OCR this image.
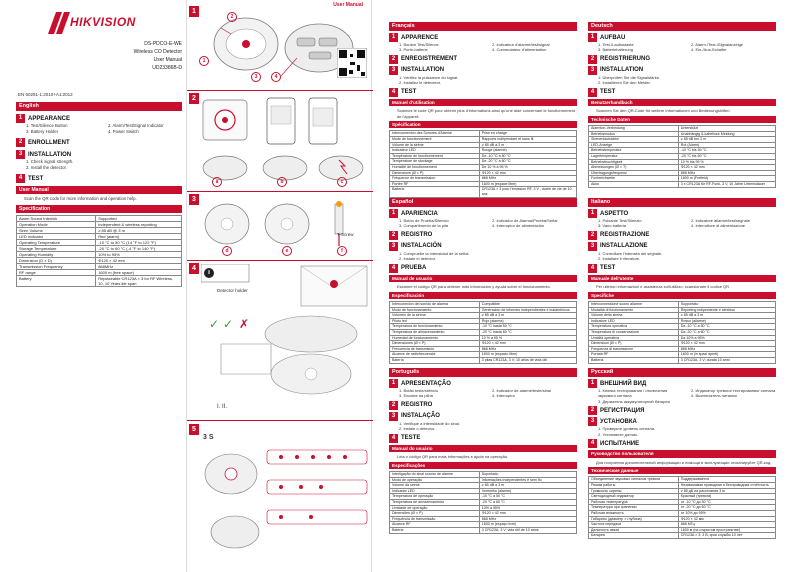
HIKVISION
DS-PDCO-E-WE
Wireless CO Detector
User Manual
UD23386B-D
EN 50291-1:2010+A1:2012
English
1 APPEARANCE
1. Test/Silence Button
3. Battery Holder
2. Alarm/Test/Signal Indicator
4. Power Switch
2 ENROLLMENT
3 INSTALLATION
1. Check signal strength.
2. Install the detector.
4 TEST
User Manual
Scan the QR code for more information and operation help.
Specification
Alarm Sound Interlink	Supported
Operation Mode	Independent & wireless reporting
Siren Volume	≥ 85 dB @ 3 m
LED Indicator	Red (alarm)
Operating Temperature	-10 °C to 50 °C (14 °F to 122 °F)
Storage Temperature	-20 °C to 60 °C (-4 °F to 140 °F)
Operating Humidity	10% to 95%
Dimension (D × D)	Φ120 × 42 mm
Transmission Frequency	868MHz
RF range	1600 m (free space)
Battery	Replaceable CR123A × 3 for RF Wireless, 10, 10 Years life span
User Manual
1
1
2
3	4
2
a	b	c
3
T-Screw
d	e	f
4
✓ ✓ ✗
Detector holder
I. II.
5
3 S
Français
1 APPARENCE
1. Bouton Test/Silence
3. Porte-batterie
2. Indicateur d'alarme/test/signal
4. Commutateur d'alimentation
2 ENREGISTREMENT
3 INSTALLATION
1. Vérifiez la puissance du signal.
2. Installez le détecteur.
4 TEST
Manuel d'utilisation
Scannez le code QR pour obtenir plus d'informations ainsi qu'une aide concernant le fonctionnement de l'appareil.
Spécification
Interconnexion des Sonores d'Alarme	Prise en charge
Mode de fonctionnement	Rapports indépendant et sans fil
Volume de la sirène	≥ 85 dB à 3 m
Indicateur LED	Rouge (alarme)
Température de fonctionnement	De -10 °C à 50 °C
Température de stockage	De -20 °C à 60 °C
Humidité de fonctionnement	De 10 % à 95 %
Dimensions (Ø × P)	Φ120 × 42 mm
Fréquence de transmission	868 MHz
Portée RF	1600 m (espace libre)
Batterie	CR123A × 3 pour l'émission RF, 3 V ; durée de vie de 10 ans
Deutsch
1 AUFBAU
1. Test-/Lautlostaste
3. Batteriehalterung
2. Alarm-/Test-/Signalanzeige
4. Ein-/Aus-Schalter
2 REGISTRIERUNG
3 INSTALLATION
1. Überprüfen Sie die Signalstärke.
2. Installieren Sie den Melder.
4 TEST
Benutzerhandbuch
Scannen Sie den QR-Code für weitere Informationen und Bedienungshilfen.
Technische Daten
Alarmton-Verbindung	Unterstützt
Betriebsmodus	Unabhängig & kabellose Meldung
Sirenenlautstärke	≥ 85 dB bei 3 m
LED-Anzeige	Rot (Alarm)
Betriebstemperatur	-10 °C bis 50 °C
Lagertemperatur	-20 °C bis 60 °C
Betriebsfeuchtigkeit	10 % bis 95 %
Abmessungen (Ø × T)	Φ120 × 42 mm
Übertragungsfrequenz	868 MHz
Funkreichweite	1600 m (Freifeld)
Akku	3 x CR123A für RF-Funk, 3 V, 10 Jahre Lebensdauer
Español
1 APARIENCIA
1. Botón de Prueba/Silencio
3. Compartimento de la pila
2. Indicador de Alarma/Prueba/Señal
4. Interruptor de alimentación
2 REGISTRO
3 INSTALACIÓN
1. Compruebe la intensidad de la señal.
2. Instale el detector.
4 PRUEBA
Manual de usuario
Escanee el código QR para obtener más información y ayuda sobre el funcionamiento.
Especificación
Interconexión del sonido de alarma	Compatible
Modo de funcionamiento	Generación de informes independientes e inalámbricos
Volumen de la sirena	≥ 85 dB a 3 m
Piloto led	Rojo (alarma)
Temperatura de funcionamiento	-10 °C hasta 50 °C
Temperatura de almacenamiento	-20 °C hasta 60 °C
Humedad de funcionamiento	10 % a 95 %
Dimensiones (Ø × P)	Φ120 × 42 mm
Frecuencia de transmisión	868 MHz
Alcance de radiofrecuencia	1600 m (espacio libre)
Batería	3 pilas CR123A, 3 V; 10 años de vida útil
Italiano
1 ASPETTO
1. Pulsante Test/Silenzio
3. Vano batteria
2. Indicatore allarme/test/segnale
4. Interruttore di alimentazione
2 REGISTRAZIONE
3 INSTALLAZIONE
1. Controllare l'intensità del segnale.
2. Installare il rilevatore.
4 TEST
Manuale dell'utente
Per ulteriori informazioni e assistenza sull'utilizzo, scansionare il codice QR.
Specifiche
Interconnessione suono allarme	Supportato
Modalità di funzionamento	Reporting indipendente e wireless
Volume della sirena	≥ 85 dB a 3 m
Indicatore LED	Rosso (allarme)
Temperatura operativa	Da -10 °C a 50 °C
Temperatura di conservazione	Da -20 °C a 60 °C
Umidità operativa	Da 10% a 95%
Dimensioni (Ø × P)	Φ120 × 42 mm
Frequenza di trasmissione	868 MHz
Portata RF	1600 m (in spazi aperti)
Batteria	3 CR123A, 3 V; durata 10 anni
Português
1 APRESENTAÇÃO
1. Botão teste/silêncio
3. Encaixe da pilha
2. Indicador de alarme/teste/sinal
4. Interruptor
2 REGISTRO
3 INSTALAÇÃO
1. Verifique a intensidade do sinal.
2. Instale o detector.
4 TESTE
Manual do usuário
Leia o código QR para mais informações e ajuda na operação.
Especificações
Interligação do sinal sonoro de alarme	Suportado
Modo de operação	Informações independentes e sem fio
Volume da sirene	≥ 85 dB a 3 m
Indicador LED	Vermelho (alarme)
Temperatura de operação	-10 °C a 50 °C
Temperatura de armazenamento	-20 °C a 60 °C
Umidade de operação	10% a 95%
Dimensões (Ø × P)	Φ120 × 42 mm
Frequência de transmissão	868 MHz
Alcance RF	1600 m (espaço livre)
Bateria	3 CR123A, 3 V; vida útil de 10 anos
Русский
1 ВНЕШНИЙ ВИД
1. Кнопка тестирования / отключения звукового сигнала
3. Держатель аккумуляторной батареи
2. Индикатор тревоги/ тестирования/ сигнала
4. Выключатель питания
2 РЕГИСТРАЦИЯ
3 УСТАНОВКА
1. Проверьте уровень сигнала.
2. Установите датчик.
4 ИСПЫТАНИЕ
Руководство пользователя
Для получения дополнительной информации и помощи в эксплуатации отсканируйте QR-код.
Технические данные
Объединение звуковых сигналов тревоги	Поддерживается
Режим работы	Независимая проводная и беспроводная отчётность
Громкость сирены	≥ 85 дБ на расстоянии 3 м
Светодиодный индикатор	Красный (тревога)
Рабочая температура	от -10 °C до 50 °C
Температура при хранении	от -20 °C до 60 °C
Рабочая влажность	от 10% до 95%
Габариты (диаметр × глубина)	Φ120 × 42 мм
Частота передачи	868 МГц
Дальность связи	1600 м (на открытом пространстве)
Батарея	CR123A × 3; 3 В; срок службы 10 лет
